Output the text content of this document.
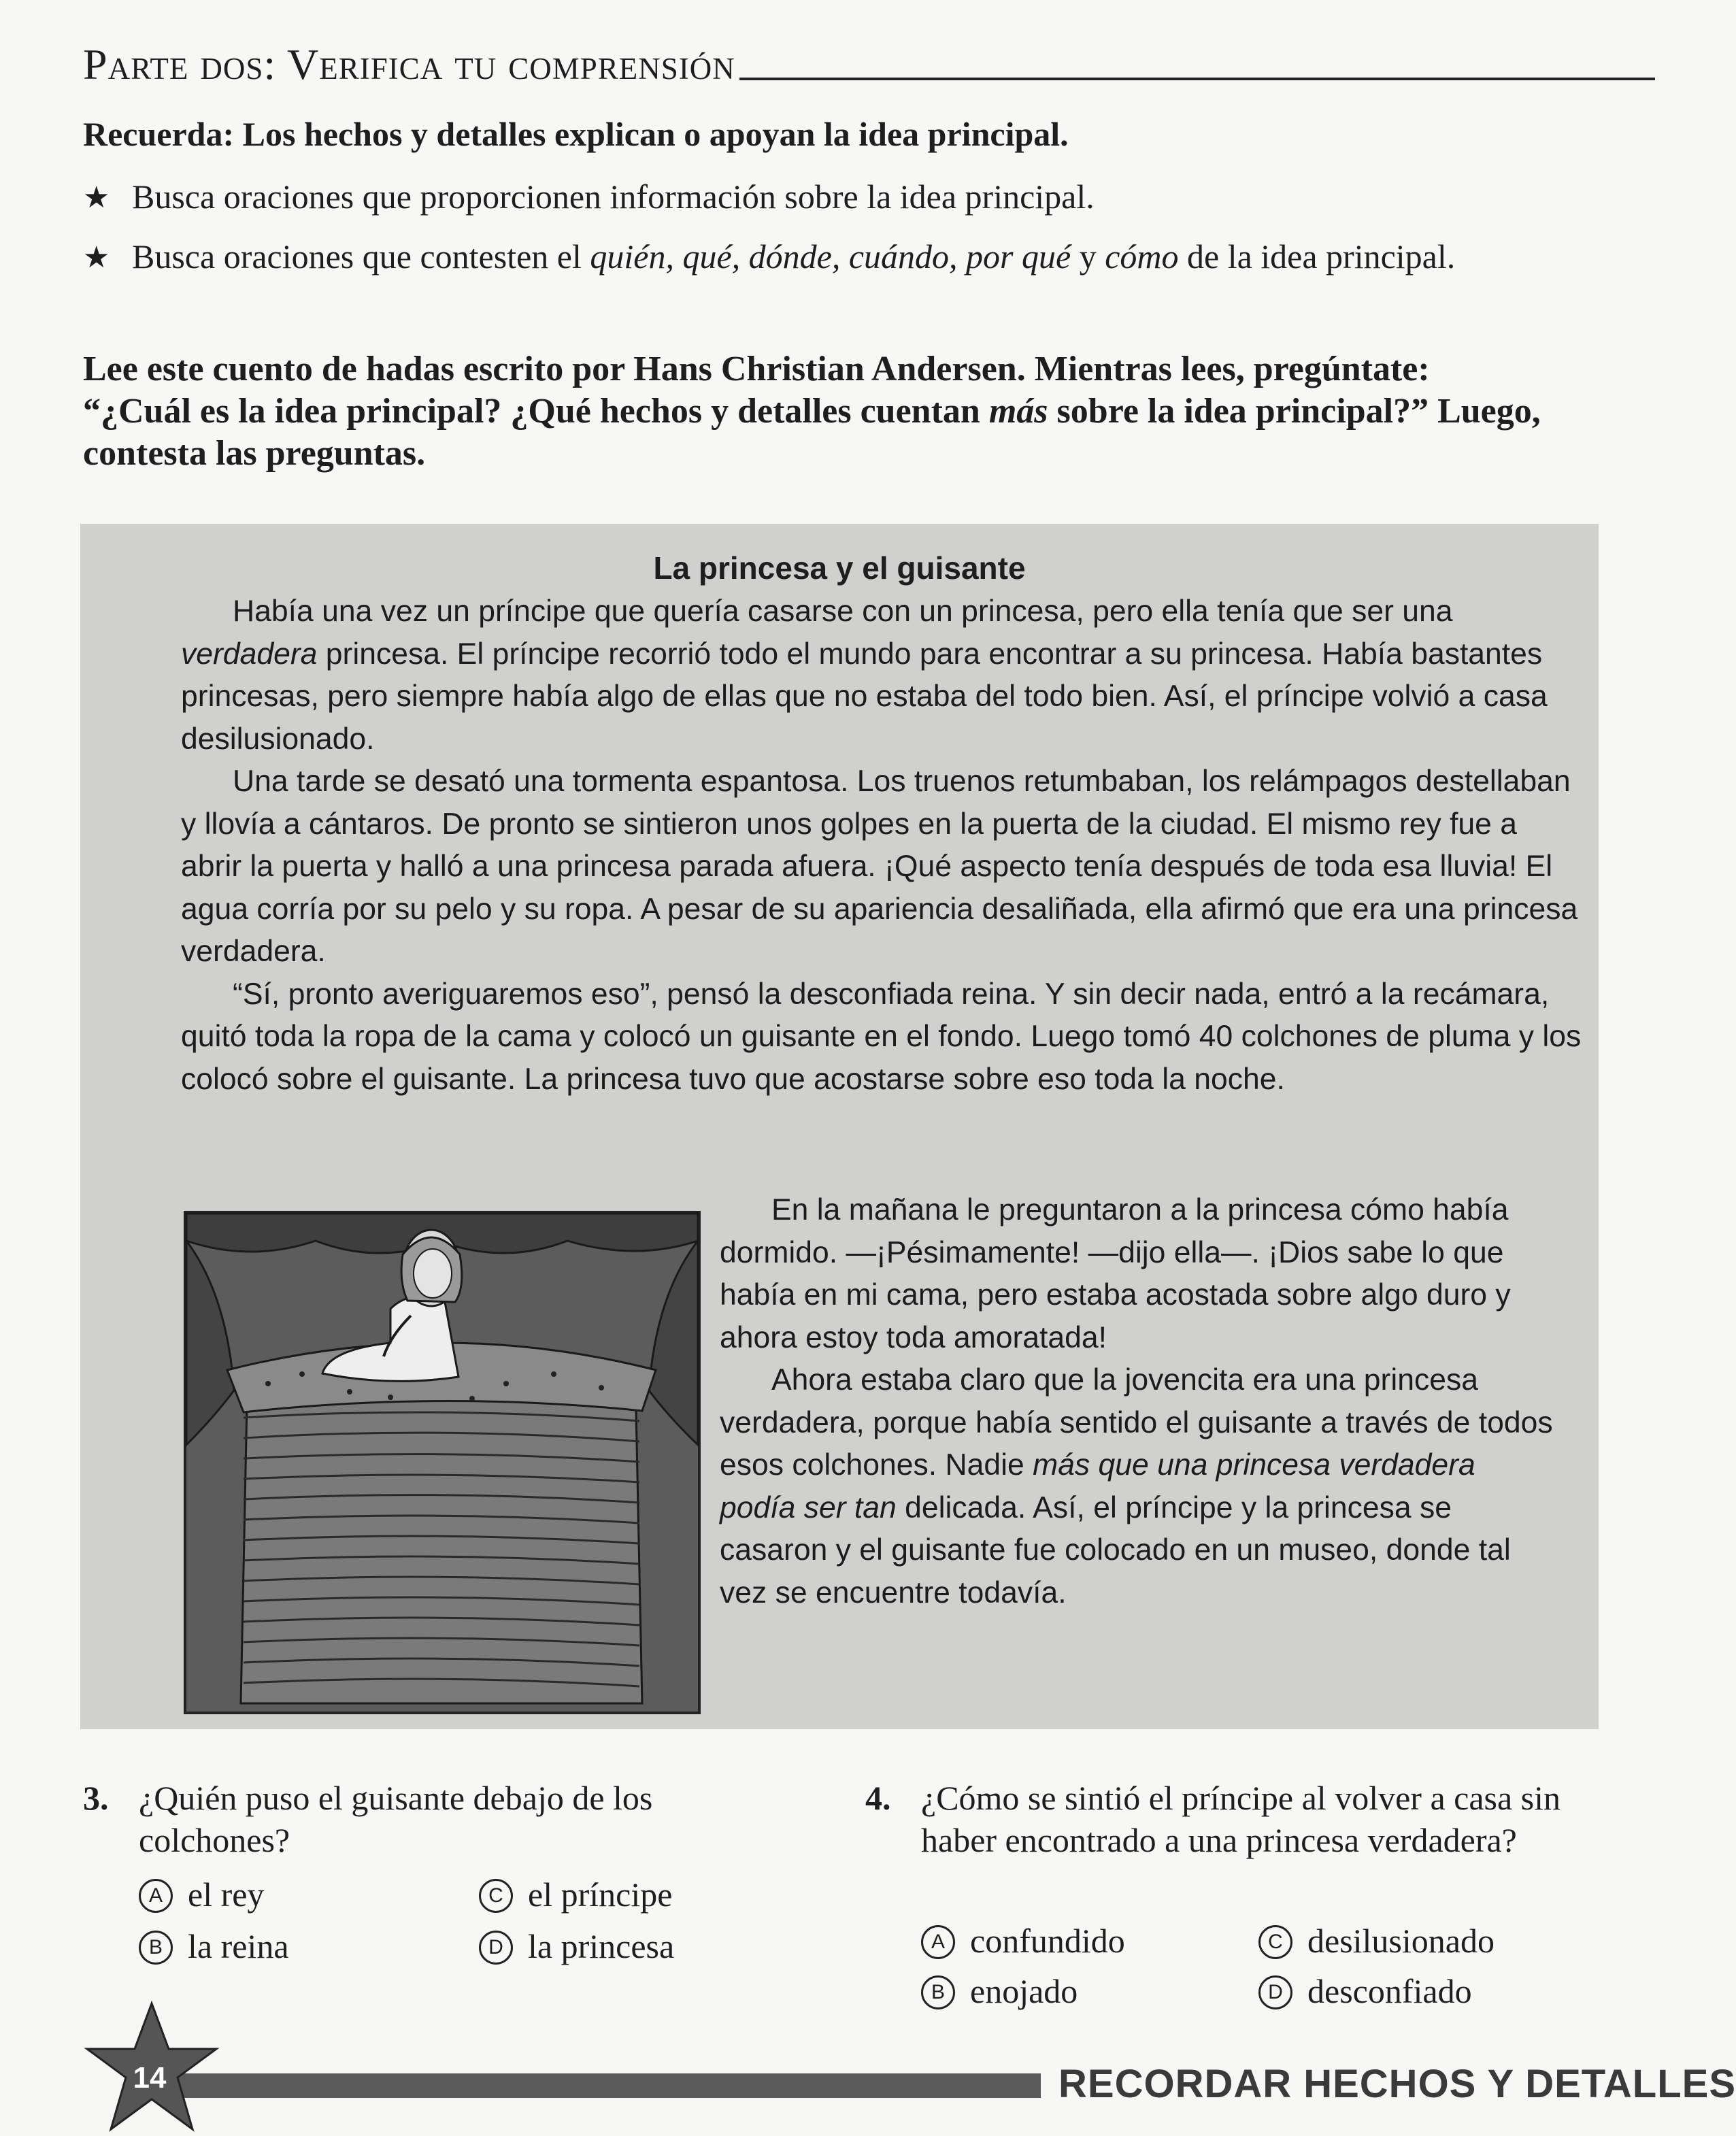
Parte dos: Verifica tu comprensión
Recuerda: Los hechos y detalles explican o apoyan la idea principal.
★ Busca oraciones que proporcionen información sobre la idea principal.
★ Busca oraciones que contesten el quién, qué, dónde, cuándo, por qué y cómo de la idea principal.
Lee este cuento de hadas escrito por Hans Christian Andersen. Mientras lees, pregúntate: “¿Cuál es la idea principal? ¿Qué hechos y detalles cuentan más sobre la idea principal?” Luego, contesta las preguntas.
La princesa y el guisante

Había una vez un príncipe que quería casarse con un princesa, pero ella tenía que ser una verdadera princesa. El príncipe recorrió todo el mundo para encontrar a su princesa. Había bastantes princesas, pero siempre había algo de ellas que no estaba del todo bien. Así, el príncipe volvió a casa desilusionado.

Una tarde se desató una tormenta espantosa. Los truenos retumbaban, los relámpagos destellaban y llovía a cántaros. De pronto se sintieron unos golpes en la puerta de la ciudad. El mismo rey fue a abrir la puerta y halló a una princesa parada afuera. ¡Qué aspecto tenía después de toda esa lluvia! El agua corría por su pelo y su ropa. A pesar de su apariencia desaliñada, ella afirmó que era una princesa verdadera.

“Sí, pronto averiguaremos eso”, pensó la desconfiada reina. Y sin decir nada, entró a la recámara, quitó toda la ropa de la cama y colocó un guisante en el fondo. Luego tomó 40 colchones de pluma y los colocó sobre el guisante. La princesa tuvo que acostarse sobre eso toda la noche.

En la mañana le preguntaron a la princesa cómo había dormido. —¡Pésimamente! —dijo ella—. ¡Dios sabe lo que había en mi cama, pero estaba acostada sobre algo duro y ahora estoy toda amoratada!

Ahora estaba claro que la jovencita era una princesa verdadera, porque había sentido el guisante a través de todos esos colchones. Nadie más que una princesa verdadera podía ser tan delicada. Así, el príncipe y la princesa se casaron y el guisante fue colocado en un museo, donde tal vez se encuentre todavía.

3. ¿Quién puso el guisante debajo de los colchones?
A el rey
B la reina
C el príncipe
D la princesa
4. ¿Cómo se sintió el príncipe al volver a casa sin haber encontrado a una princesa verdadera?
A confundido
B enojado
C desilusionado
D desconfiado
14	RECORDAR HECHOS Y DETALLES
